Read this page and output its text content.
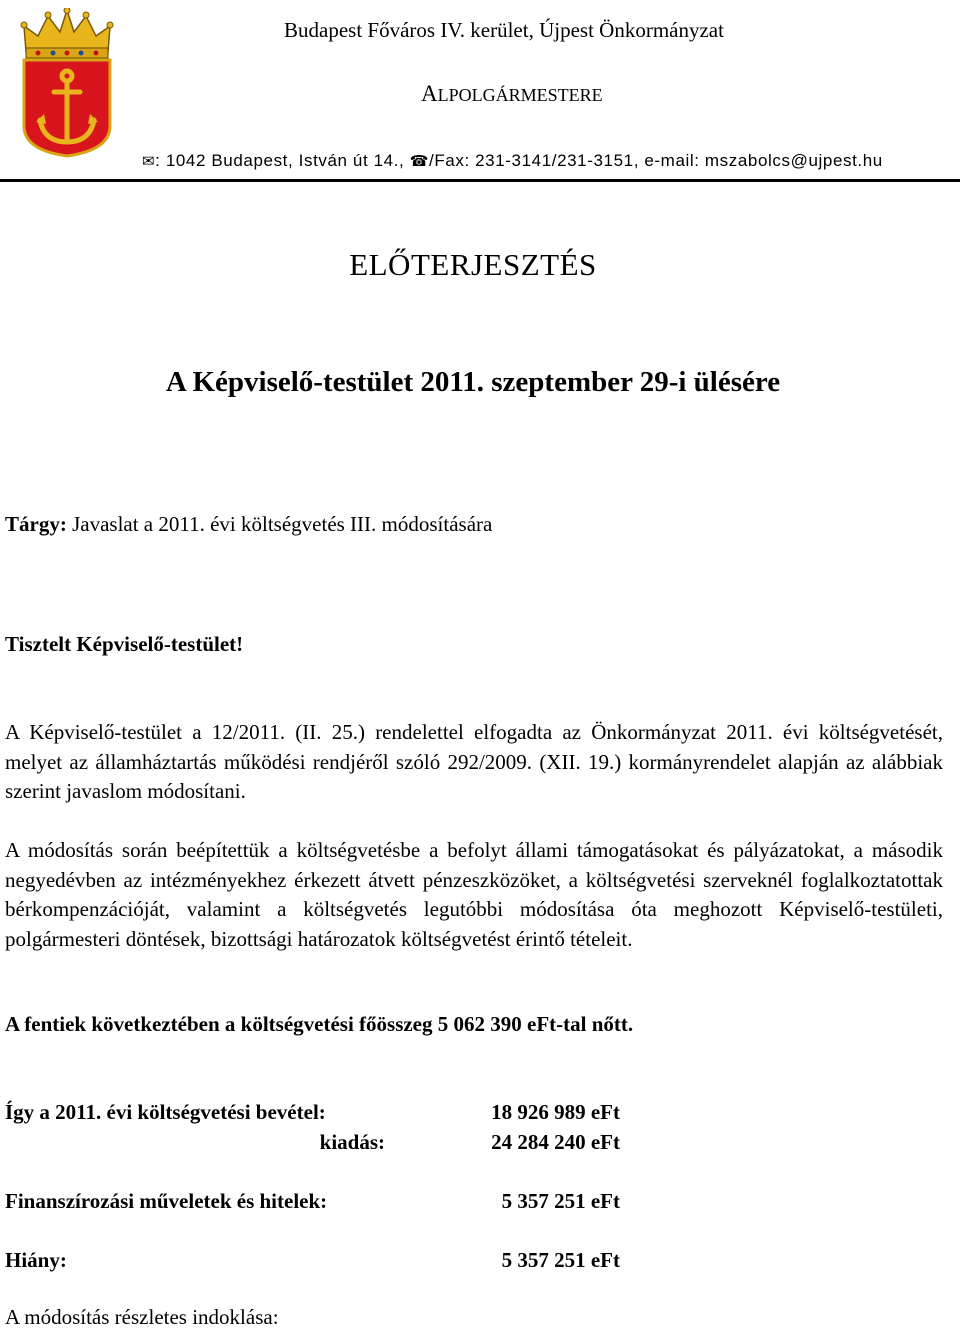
Budapest Főváros IV. kerület, Újpest Önkormányzat
ALPOLGÁRMESTERE
✉: 1042 Budapest, István út 14., ☎/Fax: 231-3141/231-3151, e-mail: mszabolcs@ujpest.hu
ELŐTERJESZTÉS
A Képviselő-testület 2011. szeptember 29-i ülésére
Tárgy: Javaslat a 2011. évi költségvetés III. módosítására
Tisztelt Képviselő-testület!
A Képviselő-testület a 12/2011. (II. 25.) rendelettel elfogadta az Önkormányzat 2011. évi költségvetését, melyet az államháztartás működési rendjéről szóló 292/2009. (XII. 19.) kormányrendelet alapján az alábbiak szerint javaslom módosítani.
A módosítás során beépítettük a költségvetésbe a befolyt állami támogatásokat és pályázatokat, a második negyedévben az intézményekhez érkezett átvett pénzeszközöket, a költségvetési szerveknél foglalkoztatottak bérkompenzációját, valamint a költségvetés legutóbbi módosítása óta meghozott Képviselő-testületi, polgármesteri döntések, bizottsági határozatok költségvetést érintő tételeit.
A fentiek következtében a költségvetési főösszeg 5 062 390 eFt-tal nőtt.
Így a 2011. évi költségvetési bevétel:	18 926 989 eFt
kiadás:	24 284 240 eFt
Finanszírozási műveletek és hitelek:	5 357 251 eFt
Hiány:	5 357 251 eFt
A módosítás részletes indoklása:
